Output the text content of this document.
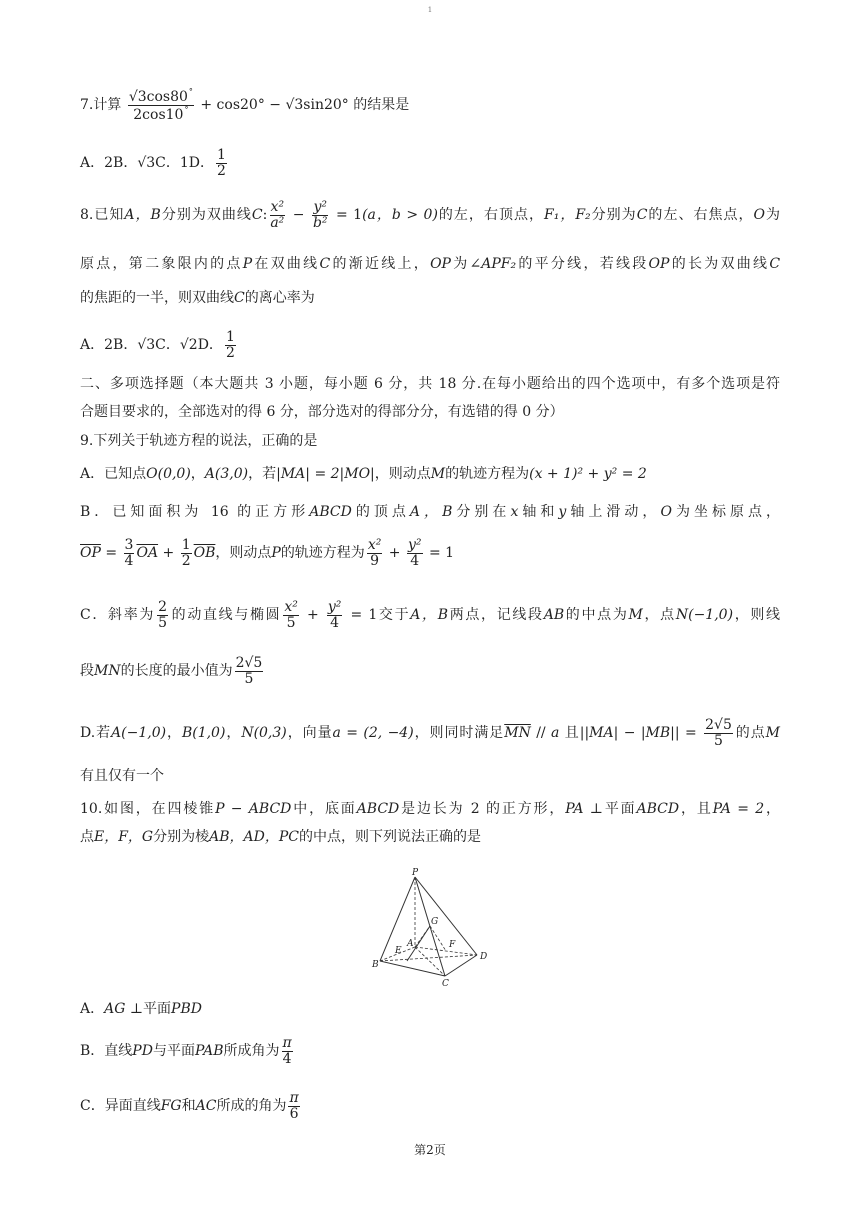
1
7.计算 $\frac{√3\cos 80^\circ}{2\cos 10^\circ} + \cos 20^\circ - √3\sin 20^\circ$ 的结果是
A．2B．√3C．1D． $\frac{1}{2}$
8.已知A，B分别为双曲线C: $\frac{\text{x²}}{\text{a²}} - \frac{\text{y²}}{\text{b²}} = 1(a$，b > 0)的左，右顶点，F₁，F₂分别为C的左、右焦点，O为
原点，第二象限内的点P在双曲线C的渐近线上，OP为∠APF₂的平分线，若线段OP的长为双曲线C
的焦距的一半，则双曲线C的离心率为
A．2B．√3C．√2D． $\frac{1}{2}$
二、多项选择题（本大题共 3 小题，每小题 6 分，共 18 分.在每小题给出的四个选项中，有多个选项是符
合题目要求的，全部选对的得 6 分，部分选对的得部分分，有选错的得 0 分）
9.下列关于轨迹方程的说法，正确的是
A．已知点O(0,0)，A(3,0)，若|MA| = 2|MO|，则动点M的轨迹方程为(x + 1)² + y² = 2
B．已知面积为 16 的正方形ABCD的顶点A，B分别在x轴和y轴上滑动，O为坐标原点，
$\overline{OP} = \frac{3}{4} \overline{OA} + \frac{1}{2} \overline{OB}$，则动点P的轨迹方程为 $\frac{\text{x²}}{9} + \frac{\text{y²}}{4} = 1$
C．斜率为 $\frac{2}{5}$ 的动直线与椭圆 $\frac{\text{x²}}{5} + \frac{\text{y²}}{4} = 1$交于A，B两点，记线段AB的中点为M，点N(−1,0)，则线
段MN的长度的最小值为 $\frac{2√5}{5}$
D.若A(−1,0)，B(1,0)，N(0,3)，向量a = (2, −4)，则同时满足$\overline{MN}$ // a 且$||MA| - |MB|| = \frac{2√5}{5}$ 的点M
有且仅有一个
10.如图，在四棱锥P − ABCD中，底面ABCD是边长为 2 的正方形，PA ⊥平面ABCD，且PA = 2，
点E，F，G分别为棱AB，AD，PC的中点，则下列说法正确的是
P
G
E
A	F
B
D
C
A．AG ⊥平面PBD
B．直线PD与平面PAB所成角为 $\frac{\pi}{4}$
C．异面直线FG和AC所成的角为 $\frac{\pi}{6}$
第2页
